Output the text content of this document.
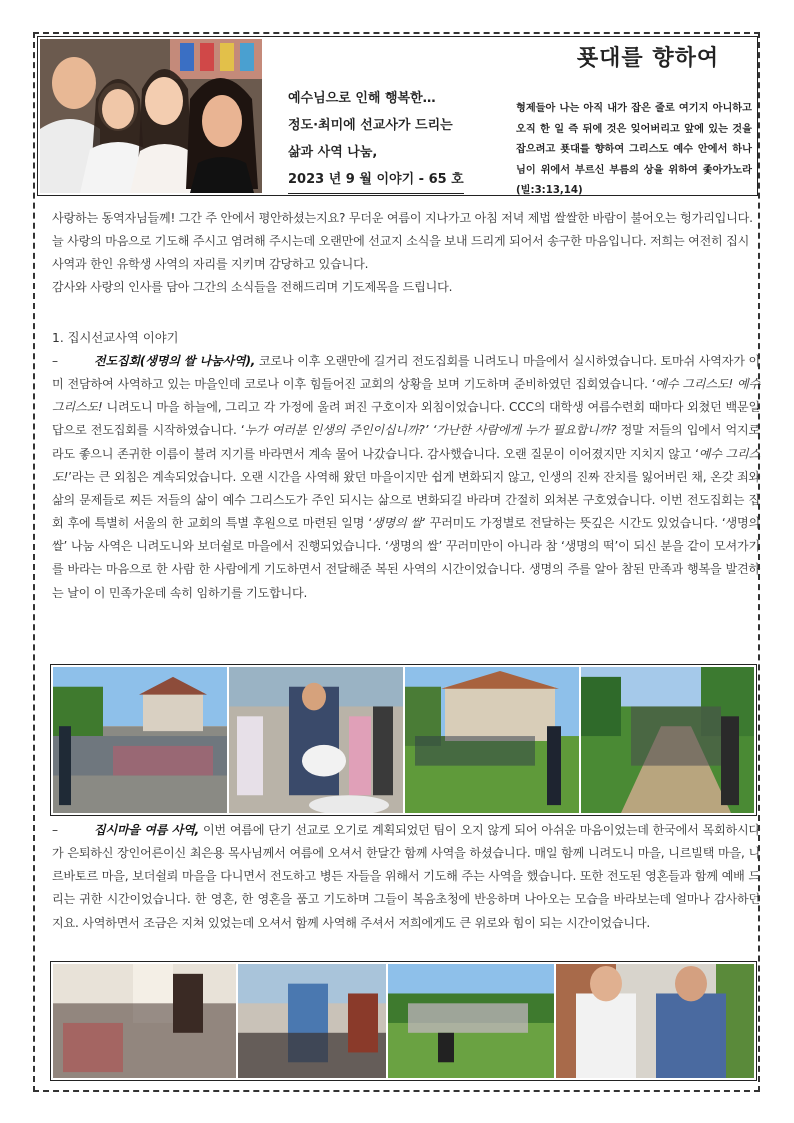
예수님으로 인해 행복한…
정도·최미에 선교사가 드리는
삶과 사역 나눔,
2023 년 9 월 이야기 - 65 호
푯대를 향하여
형제들아 나는 아직 내가 잡은 줄로 여기지 아니하고 오직 한 일 즉 뒤에 것은 잊어버리고 앞에 있는 것을 잡으려고 푯대를 향하여 그리스도 예수 안에서 하나님이 위에서 부르신 부름의 상을 위하여 좇아가노라 (빌:3:13,14)

사랑하는 동역자님들께! 그간 주 안에서 평안하셨는지요? 무더운 여름이 지나가고 아침 저녁 제법 쌀쌀한 바람이 불어오는 헝가리입니다. 늘 사랑의 마음으로 기도해 주시고 염려해 주시는데 오랜만에 선교지 소식을 보내 드리게 되어서 송구한 마음입니다. 저희는 여전히 집시사역과 한인 유학생 사역의 자리를 지키며 감당하고 있습니다.

감사와 사랑의 인사를 담아 그간의 소식들을 전해드리며 기도제목을 드립니다.

1. 집시선교사역 이야기
–	전도집회(생명의 쌀 나눔사역), 코로나 이후 오랜만에 길거리 전도집회를 니려도니 마을에서 실시하였습니다. 토마쉬 사역자가 이미 전담하여 사역하고 있는 마을인데 코로나 이후 힘들어진 교회의 상황을 보며 기도하며 준비하였던 집회였습니다. ‘예수 그리스도! 예수 그리스도! 니려도니 마을 하늘에, 그리고 각 가정에 울려 퍼진 구호이자 외침이었습니다. CCC의 대학생 여름수련회 때마다 외쳤던 백문일답으로 전도집회를 시작하였습니다. ‘누가 여러분 인생의 주인이십니까?’ ‘가난한 사람에게 누가 필요합니까? 정말 저들의 입에서 억지로라도 좋으니 존귀한 이름이 불려 지기를 바라면서 계속 물어 나갔습니다. 감사했습니다. 오랜 질문이 이어졌지만 지치지 않고 ‘예수 그리스도!’라는 큰 외침은 계속되었습니다. 오랜 시간을 사역해 왔던 마을이지만 쉽게 변화되지 않고, 인생의 진짜 잔치를 잃어버린 채, 온갖 죄와 삶의 문제들로 찌든 저들의 삶이 예수 그리스도가 주인 되시는 삶으로 변화되길 바라며 간절히 외쳐본 구호였습니다. 이번 전도집회는 집회 후에 특별히 서울의 한 교회의 특별 후원으로 마련된 일명 ‘생명의 쌀’ 꾸러미도 가정별로 전달하는 뜻깊은 시간도 있었습니다. ‘생명의 쌀’ 나눔 사역은 니려도니와 보더쉴로 마을에서 진행되었습니다. ‘생명의 쌀’ 꾸러미만이 아니라 참 ‘생명의 떡’이 되신 분을 같이 모셔가기를 바라는 마음으로 한 사람 한 사람에게 기도하면서 전달해준 복된 사역의 시간이었습니다. 생명의 주를 알아 참된 만족과 행복을 발견하는 날이 이 민족가운데 속히 임하기를 기도합니다.
–	집시마을 여름 사역, 이번 여름에 단기 선교로 오기로 계획되었던 팀이 오지 않게 되어 아쉬운 마음이었는데 한국에서 목회하시다가 은퇴하신 장인어른이신 최은용 목사님께서 여름에 오셔서 한달간 함께 사역을 하셨습니다. 매일 함께 니려도니 마을, 니르빌택 마을, 니르바토르 마을, 보더쉴뢰 마을을 다니면서 전도하고 병든 자들을 위해서 기도해 주는 사역을 했습니다. 또한 전도된 영혼들과 함께 예배 드리는 귀한 시간이었습니다. 한 영혼, 한 영혼을 품고 기도하며 그들이 복음초청에 반응하며 나아오는 모습을 바라보는데 얼마나 감사하던지요. 사역하면서 조금은 지쳐 있었는데 오셔서 함께 사역해 주셔서 저희에게도 큰 위로와 힘이 되는 시간이었습니다.
